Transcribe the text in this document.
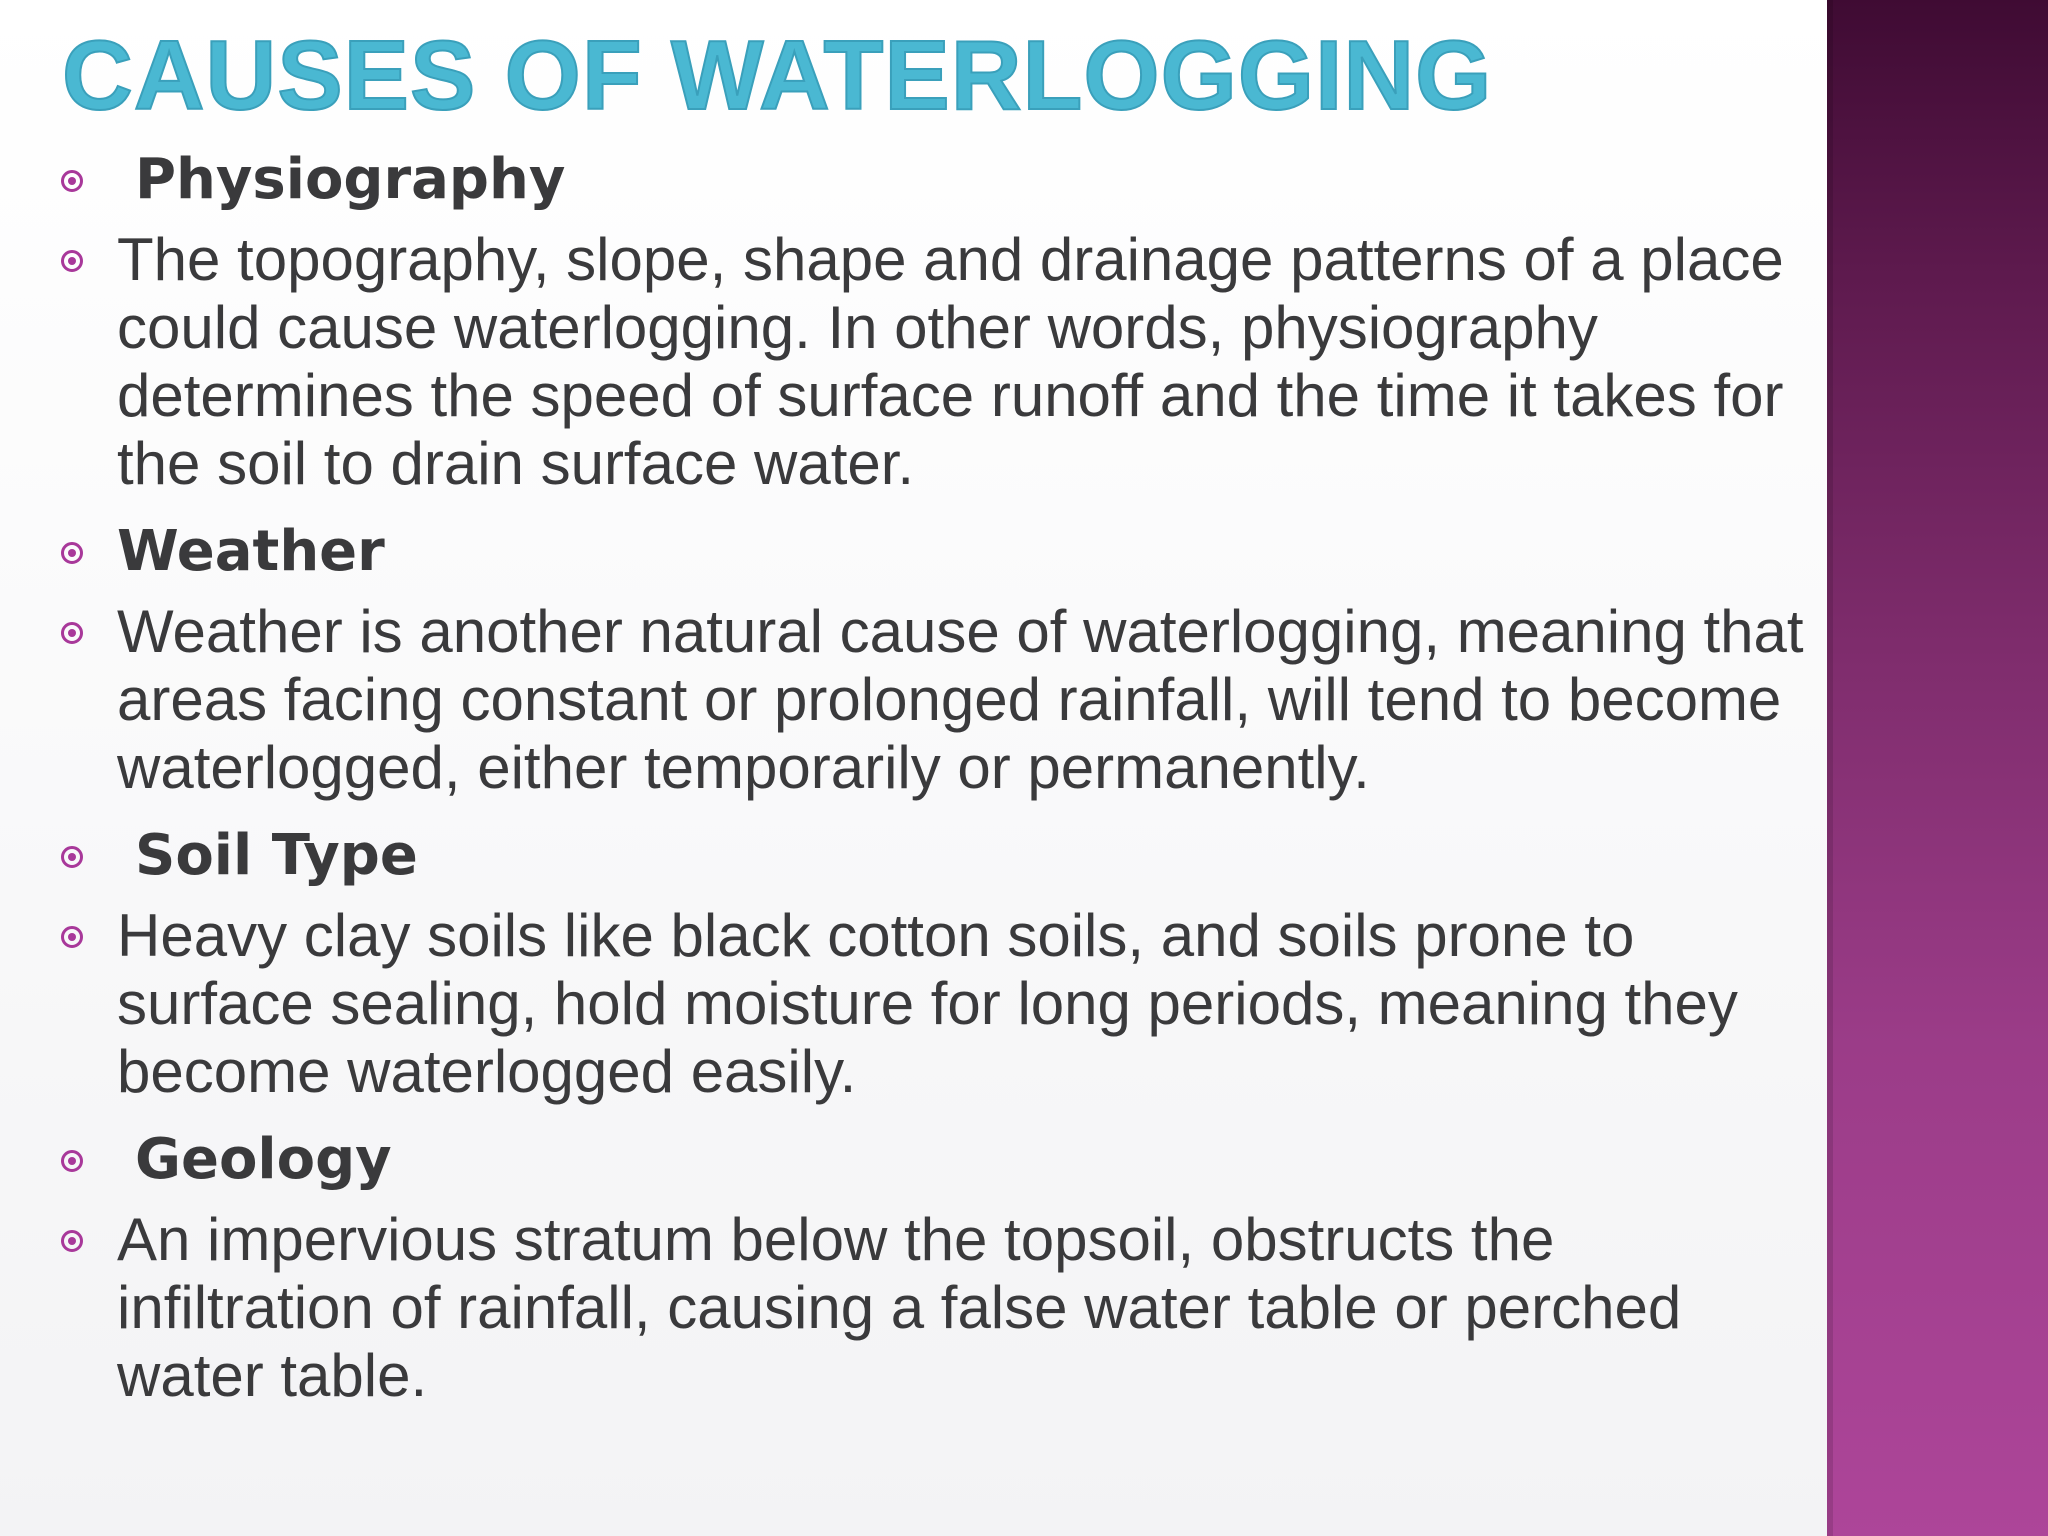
CAUSES OF WATERLOGGING
Physiography
The topography, slope, shape and drainage patterns of a place could cause waterlogging. In other words, physiography determines the speed of surface runoff and the time it takes for the soil to drain surface water.
Weather
Weather is another natural cause of waterlogging, meaning that areas facing constant or prolonged rainfall, will tend to become waterlogged, either temporarily or permanently.
Soil Type
Heavy clay soils like black cotton soils, and soils prone to surface sealing, hold moisture for long periods, meaning they become waterlogged easily.
Geology
An impervious stratum below the topsoil, obstructs the infiltration of rainfall, causing a false water table or perched water table.
